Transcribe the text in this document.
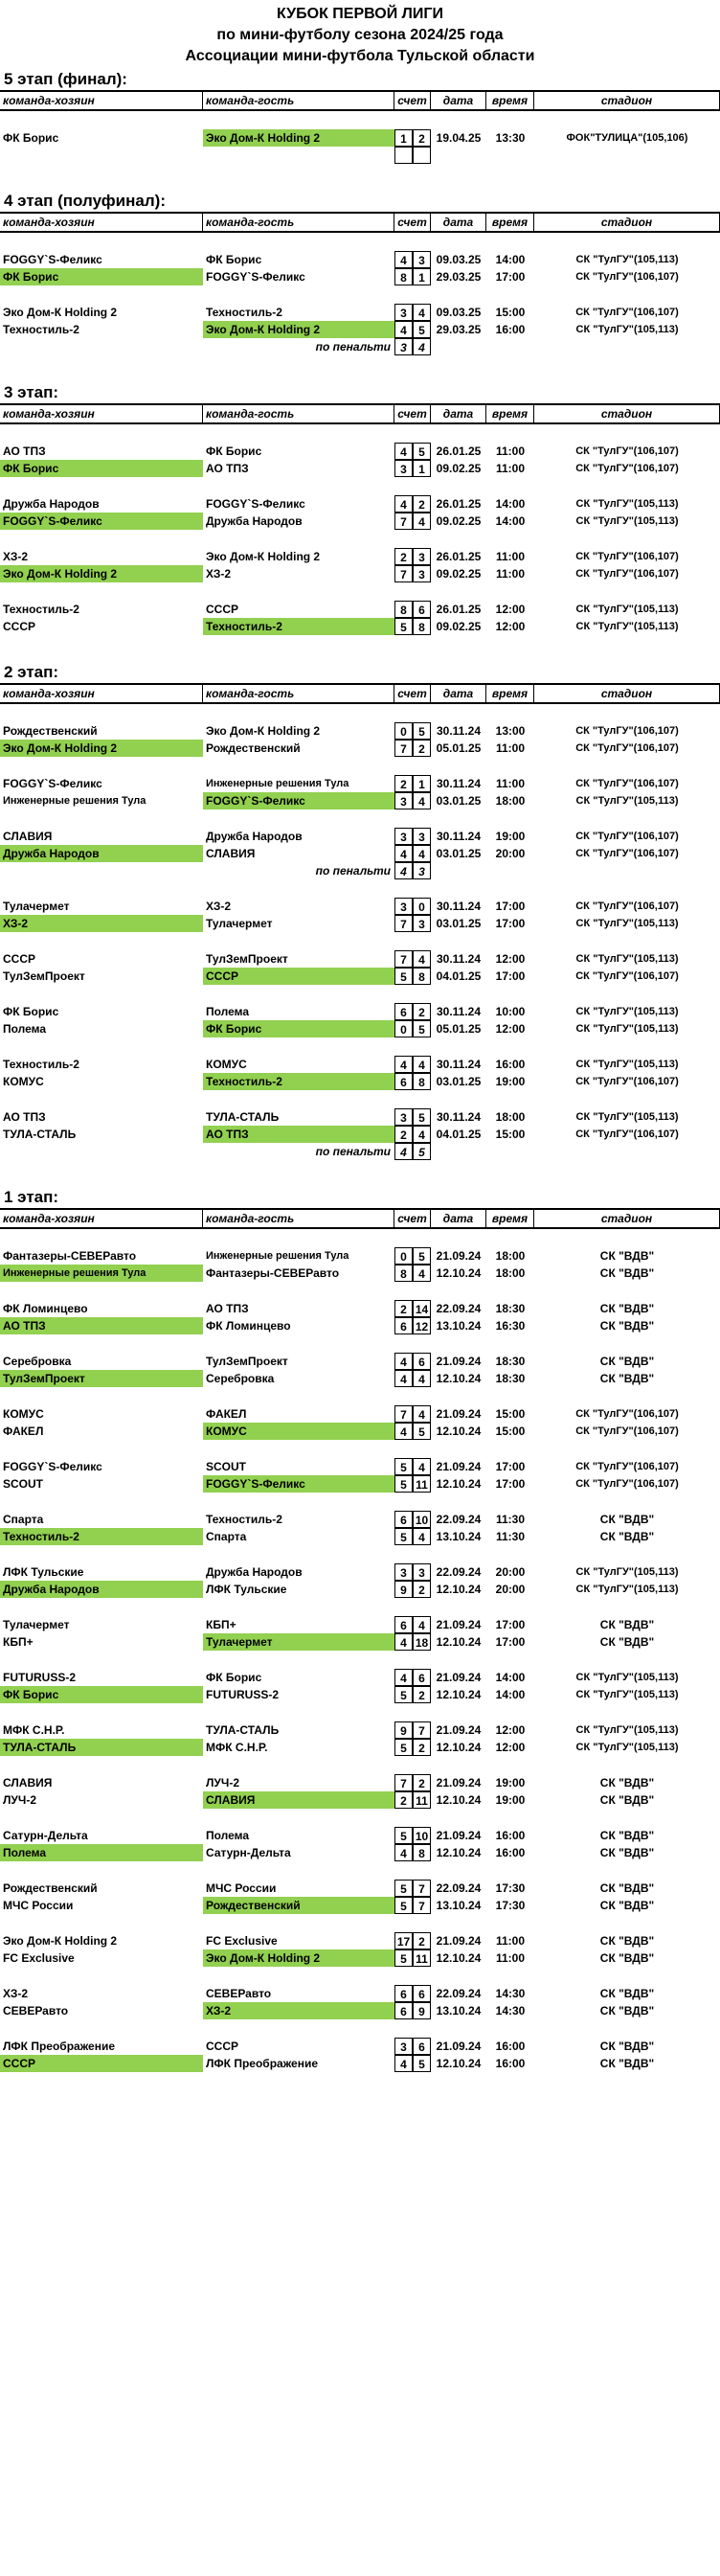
КУБОК ПЕРВОЙ ЛИГИ
по мини-футболу сезона 2024/25 года
Ассоциации мини-футбола Тульской области
5 этап (финал):
команда-хозяин	команда-гость	счет	дата	время	стадион
ФК Борис	Эко Дом-К Holding 2	1	2 19.04.25	13:30	ФОК"ТУЛИЦА"(105,106)
4 этап (полуфинал):
команда-хозяин	команда-гость	счет	дата	время	стадион
FOGGY`S-Феликс	ФК Борис	4	3 09.03.25	14:00	СК "ТулГУ"(105,113)
ФК Борис	FOGGY`S-Феликс	8	1 29.03.25	17:00	СК "ТулГУ"(106,107)
Эко Дом-К Holding 2	Техностиль-2	3	4 09.03.25	15:00	СК "ТулГУ"(106,107)
Техностиль-2	Эко Дом-К Holding 2	4	5 29.03.25	16:00	СК "ТулГУ"(105,113)
по пенальти 3	4
3 этап:
команда-хозяин	команда-гость	счет	дата	время	стадион
АО ТПЗ	ФК Борис	4	5 26.01.25	11:00	СК "ТулГУ"(106,107)
ФК Борис	АО ТПЗ	3	1 09.02.25	11:00	СК "ТулГУ"(106,107)
Дружба Народов	FOGGY`S-Феликс	4	2 26.01.25	14:00	СК "ТулГУ"(105,113)
FOGGY`S-Феликс	Дружба Народов	7	4 09.02.25	14:00	СК "ТулГУ"(105,113)
ХЗ-2	Эко Дом-К Holding 2	2	3 26.01.25	11:00	СК "ТулГУ"(106,107)
Эко Дом-К Holding 2	ХЗ-2	7	3 09.02.25	11:00	СК "ТулГУ"(106,107)
Техностиль-2	СССР	8	6 26.01.25	12:00	СК "ТулГУ"(105,113)
СССР	Техностиль-2	5	8 09.02.25	12:00	СК "ТулГУ"(105,113)
2 этап:
команда-хозяин	команда-гость	счет	дата	время	стадион
Рождественский	Эко Дом-К Holding 2	0	5	30.11.24	13:00	СК "ТулГУ"(106,107)
Эко Дом-К Holding 2	Рождественский	7	2 05.01.25	11:00	СК "ТулГУ"(106,107)
FOGGY`S-Феликс	Инженерные решения Тула	2	1	30.11.24	11:00	СК "ТулГУ"(106,107)
Инженерные решения Тула	FOGGY`S-Феликс	3	4 03.01.25	18:00	СК "ТулГУ"(105,113)
СЛАВИЯ	Дружба Народов	3	3	30.11.24	19:00	СК "ТулГУ"(106,107)
Дружба Народов	СЛАВИЯ	4	4 03.01.25	20:00	СК "ТулГУ"(106,107)
по пенальти 4	3
Тулачермет	ХЗ-2	3	0	30.11.24	17:00	СК "ТулГУ"(106,107)
ХЗ-2	Тулачермет	7	3 03.01.25	17:00	СК "ТулГУ"(105,113)
СССР	ТулЗемПроект	7	4	30.11.24	12:00	СК "ТулГУ"(105,113)
ТулЗемПроект	СССР	5	8 04.01.25	17:00	СК "ТулГУ"(106,107)
ФК Борис	Полема	6	2	30.11.24	10:00	СК "ТулГУ"(105,113)
Полема	ФК Борис	0	5 05.01.25	12:00	СК "ТулГУ"(105,113)
Техностиль-2	КОМУС	4	4	30.11.24	16:00	СК "ТулГУ"(105,113)
КОМУС	Техностиль-2	6	8 03.01.25	19:00	СК "ТулГУ"(106,107)
АО ТПЗ	ТУЛА-СТАЛЬ	3	5	30.11.24	18:00	СК "ТулГУ"(105,113)
ТУЛА-СТАЛЬ	АО ТПЗ	2	4 04.01.25	15:00	СК "ТулГУ"(106,107)
по пенальти 4	5
1 этап:
команда-хозяин	команда-гость	счет	дата	время	стадион
Фантазеры-СЕВЕРавто	Инженерные решения Тула	0	5 21.09.24	18:00	СК "ВДВ"
Инженерные решения Тула	Фантазеры-СЕВЕРавто	8	4 12.10.24	18:00	СК "ВДВ"
ФК Ломинцево	АО ТПЗ	2 14 22.09.24	18:30	СК "ВДВ"
АО ТПЗ	ФК Ломинцево	6 12 13.10.24	16:30	СК "ВДВ"
Серебровка	ТулЗемПроект	4	6 21.09.24	18:30	СК "ВДВ"
ТулЗемПроект	Серебровка	4	4 12.10.24	18:30	СК "ВДВ"
КОМУС	ФАКЕЛ	7	4 21.09.24	15:00	СК "ТулГУ"(106,107)
ФАКЕЛ	КОМУС	4	5 12.10.24	15:00	СК "ТулГУ"(106,107)
FOGGY`S-Феликс	SCOUT	5	4 21.09.24	17:00	СК "ТулГУ"(106,107)
SCOUT	FOGGY`S-Феликс	5 11 12.10.24	17:00	СК "ТулГУ"(106,107)
Спарта	Техностиль-2	6 10 22.09.24	11:30	СК "ВДВ"
Техностиль-2	Спарта	5	4 13.10.24	11:30	СК "ВДВ"
ЛФК Тульские	Дружба Народов	3	3 22.09.24	20:00	СК "ТулГУ"(105,113)
Дружба Народов	ЛФК Тульские	9	2 12.10.24	20:00	СК "ТулГУ"(105,113)
Тулачермет	КБП+	6	4 21.09.24	17:00	СК "ВДВ"
КБП+	Тулачермет	4 18 12.10.24	17:00	СК "ВДВ"
FUTURUSS-2	ФК Борис	4	6 21.09.24	14:00	СК "ТулГУ"(105,113)
ФК Борис	FUTURUSS-2	5	2 12.10.24	14:00	СК "ТулГУ"(105,113)
МФК С.Н.Р.	ТУЛА-СТАЛЬ	9	7 21.09.24	12:00	СК "ТулГУ"(105,113)
ТУЛА-СТАЛЬ	МФК С.Н.Р.	5	2 12.10.24	12:00	СК "ТулГУ"(105,113)
СЛАВИЯ	ЛУЧ-2	7	2 21.09.24	19:00	СК "ВДВ"
ЛУЧ-2	СЛАВИЯ	2 11 12.10.24	19:00	СК "ВДВ"
Сатурн-Дельта	Полема	5 10 21.09.24	16:00	СК "ВДВ"
Полема	Сатурн-Дельта	4	8 12.10.24	16:00	СК "ВДВ"
Рождественский	МЧС России	5	7 22.09.24	17:30	СК "ВДВ"
МЧС России	Рождественский	5	7 13.10.24	17:30	СК "ВДВ"
Эко Дом-К Holding 2	FC Exclusive	17 2 21.09.24	11:00	СК "ВДВ"
FC Exclusive	Эко Дом-К Holding 2	5 11 12.10.24	11:00	СК "ВДВ"
ХЗ-2	СЕВЕРавто	6	6 22.09.24	14:30	СК "ВДВ"
СЕВЕРавто	ХЗ-2	6	9 13.10.24	14:30	СК "ВДВ"
ЛФК Преображение	СССР	3	6 21.09.24	16:00	СК "ВДВ"
СССР	ЛФК Преображение	4	5 12.10.24	16:00	СК "ВДВ"
